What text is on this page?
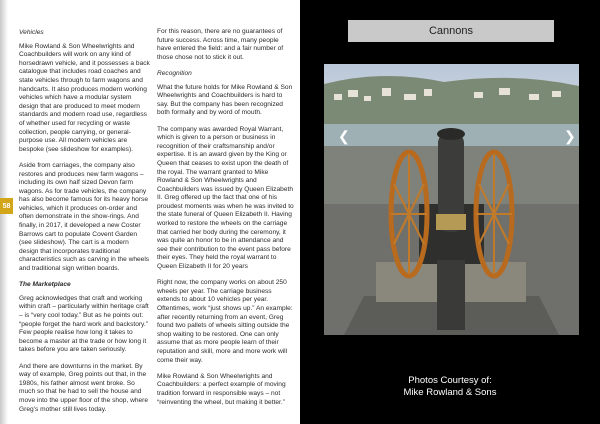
58
Vehicles

Mike Rowland & Son Wheelwrights and Coachbuilders will work on any kind of horsedrawn vehicle, and it possesses a back catalogue that includes road coaches and state vehicles through to farm wagons and handcarts. It also produces modern working vehicles which have a modular system design that are produced to meet modern standards and modern road use, regardless of whether used for recycling or waste collection, people carrying, or general-purpose use. All modern vehicles are bespoke (see slideshow for examples).

Aside from carriages, the company also restores and produces new farm wagons – including its own half sized Devon farm wagons. As for trade vehicles, the company has also become famous for its heavy horse vehicles, which it produces on-order and often demonstrate in the show-rings. And finally, in 2017, it developed a new Coster Barrows cart to populate Covent Garden (see slideshow). The cart is a modern design that incorporates traditional characteristics such as carving in the wheels and traditional sign written boards.

The Marketplace

Greg acknowledges that craft and working within craft – particularly within heritage craft – is “very cool today.” But as he points out: “people forget the hard work and backstory.” Few people realise how long it takes to become a master at the trade or how long it takes before you are taken seriously.

And there are downturns in the market. By way of example, Greg points out that, in the 1980s, his father almost went broke. So much so that he had to sell the house and move into the upper floor of the shop, where Greg’s mother still lives today.

For this reason, there are no guarantees of future success. Across time, many people have entered the field: and a fair number of those chose not to stick it out.

Recognition

What the future holds for Mike Rowland & Son Wheelwrights and Coachbuilders is hard to say. But the company has been recognized both formally and by word of mouth.

The company was awarded Royal Warrant, which is given to a person or business in recognition of their craftsmanship and/or expertise. It is an award given by the King or Queen that ceases to exist upon the death of the royal. The warrant granted to Mike Rowland & Son Wheelwrights and Coachbuilders was issued by Queen Elizabeth II. Greg offered up the fact that one of his proudest moments was when he was invited to the state funeral of Queen Elizabeth II. Having worked to restore the wheels on the carriage that carried her body during the ceremony, it was quite an honor to be in attendance and see their contribution to the event pass before their eyes. They held the royal warrant to Queen Elizabeth II for 20 years

Right now, the company works on about 250 wheels per year. The carriage business extends to about 10 vehicles per year. Oftentimes, work “just shows up.” An example: after recently returning from an event, Greg found two pallets of wheels sitting outside the shop waiting to be restored. One can only assume that as more people learn of their reputation and skill, more and more work will come their way.

Mike Rowland & Son Wheelwrights and Coachbuilders: a perfect example of moving tradition forward in responsible ways – not “reinventing the wheel, but making it better.”

Cannons
❮	❯
Photos Courtesy of:
Mike Rowland & Sons
